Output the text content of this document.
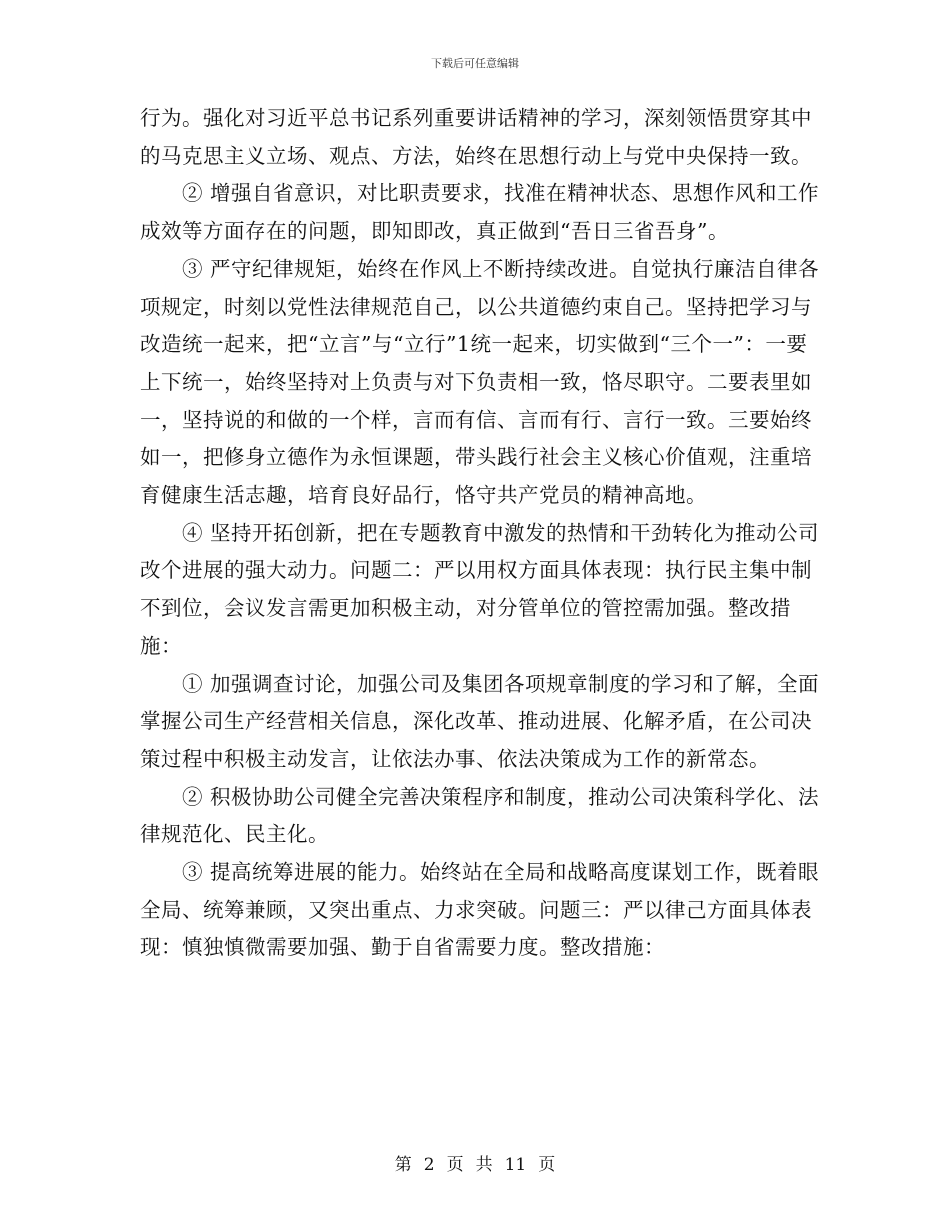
下载后可任意编辑

行为。强化对习近平总书记系列重要讲话精神的学习，深刻领悟贯穿其中的马克思主义立场、观点、方法，始终在思想行动上与党中央保持一致。

② 增强自省意识，对比职责要求，找准在精神状态、思想作风和工作成效等方面存在的问题，即知即改，真正做到“吾日三省吾身”。

③ 严守纪律规矩，始终在作风上不断持续改进。自觉执行廉洁自律各项规定，时刻以党性法律规范自己，以公共道德约束自己。坚持把学习与改造统一起来，把“立言”与“立行”1统一起来，切实做到“三个一”：一要上下统一，始终坚持对上负责与对下负责相一致，恪尽职守。二要表里如一，坚持说的和做的一个样，言而有信、言而有行、言行一致。三要始终如一，把修身立德作为永恒课题，带头践行社会主义核心价值观，注重培育健康生活志趣，培育良好品行，恪守共产党员的精神高地。

④ 坚持开拓创新，把在专题教育中激发的热情和干劲转化为推动公司改个进展的强大动力。问题二：严以用权方面具体表现：执行民主集中制不到位，会议发言需更加积极主动，对分管单位的管控需加强。整改措施：

① 加强调查讨论，加强公司及集团各项规章制度的学习和了解，全面掌握公司生产经营相关信息，深化改革、推动进展、化解矛盾，在公司决策过程中积极主动发言，让依法办事、依法决策成为工作的新常态。

② 积极协助公司健全完善决策程序和制度，推动公司决策科学化、法律规范化、民主化。

③ 提高统筹进展的能力。始终站在全局和战略高度谋划工作，既着眼全局、统筹兼顾，又突出重点、力求突破。问题三：严以律己方面具体表现：慎独慎微需要加强、勤于自省需要力度。整改措施：

第 2 页 共 11 页
